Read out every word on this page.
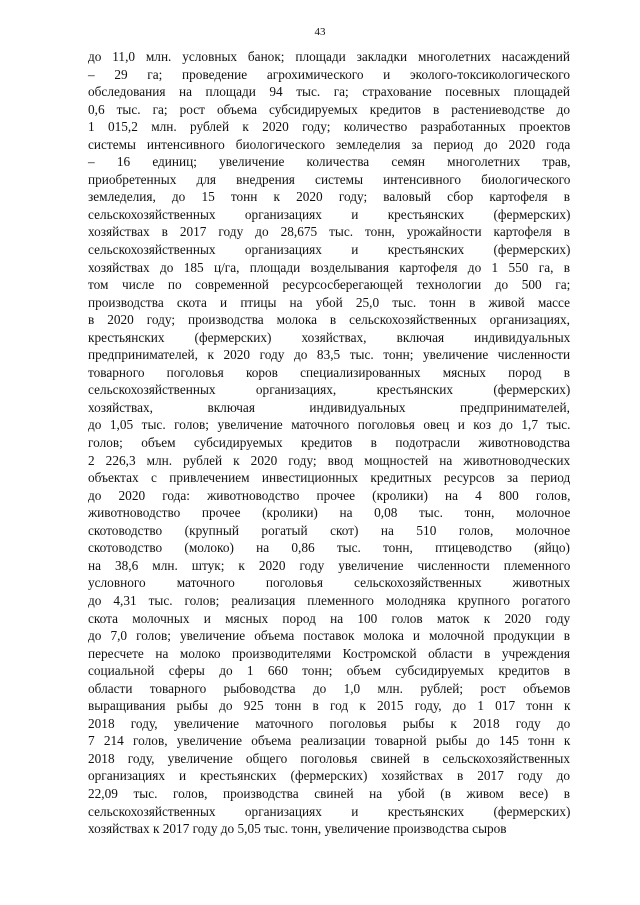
43
до 11,0 млн. условных банок; площади закладки многолетних насаждений
– 29 га; проведение агрохимического и эколого-токсикологического
обследования на площади 94 тыс. га; страхование посевных площадей
0,6 тыс. га; рост объема субсидируемых кредитов в растениеводстве до
1 015,2 млн. рублей к 2020 году; количество разработанных проектов
системы интенсивного биологического земледелия за период до 2020 года
– 16 единиц; увеличение количества семян многолетних трав,
приобретенных для внедрения системы интенсивного биологического
земледелия, до 15 тонн к 2020 году; валовый сбор картофеля в
сельскохозяйственных организациях и крестьянских (фермерских)
хозяйствах в 2017 году до 28,675 тыс. тонн, урожайности картофеля в
сельскохозяйственных организациях и крестьянских (фермерских)
хозяйствах до 185 ц/га, площади возделывания картофеля до 1 550 га, в
том числе по современной ресурсосберегающей технологии до 500 га;
производства скота и птицы на убой 25,0 тыс. тонн в живой массе
в 2020 году; производства молока в сельскохозяйственных организациях,
крестьянских (фермерских) хозяйствах, включая индивидуальных
предпринимателей, к 2020 году до 83,5 тыс. тонн; увеличение численности
товарного поголовья коров специализированных мясных пород в
сельскохозяйственных организациях, крестьянских (фермерских)
хозяйствах, включая индивидуальных предпринимателей,
до 1,05 тыс. голов; увеличение маточного поголовья овец и коз до 1,7 тыс.
голов; объем субсидируемых кредитов в подотрасли животноводства
2 226,3 млн. рублей к 2020 году; ввод мощностей на животноводческих
объектах с привлечением инвестиционных кредитных ресурсов за период
до 2020 года: животноводство прочее (кролики) на 4 800 голов,
животноводство прочее (кролики) на 0,08 тыс. тонн, молочное
скотоводство (крупный рогатый скот) на 510 голов, молочное
скотоводство (молоко) на 0,86 тыс. тонн, птицеводство (яйцо)
на 38,6 млн. штук; к 2020 году увеличение численности племенного
условного маточного поголовья сельскохозяйственных животных
до 4,31 тыс. голов; реализация племенного молодняка крупного рогатого
скота молочных и мясных пород на 100 голов маток к 2020 году
до 7,0 голов; увеличение объема поставок молока и молочной продукции в
пересчете на молоко производителями Костромской области в учреждения
социальной сферы до 1 660 тонн; объем субсидируемых кредитов в
области товарного рыбоводства до 1,0 млн. рублей; рост объемов
выращивания рыбы до 925 тонн в год к 2015 году, до 1 017 тонн к
2018 году, увеличение маточного поголовья рыбы к 2018 году до
7 214 голов, увеличение объема реализации товарной рыбы до 145 тонн к
2018 году, увеличение общего поголовья свиней в сельскохозяйственных
организациях и крестьянских (фермерских) хозяйствах в 2017 году до
22,09 тыс. голов, производства свиней на убой (в живом весе) в
сельскохозяйственных организациях и крестьянских (фермерских)
хозяйствах к 2017 году до 5,05 тыс. тонн, увеличение производства сыров
